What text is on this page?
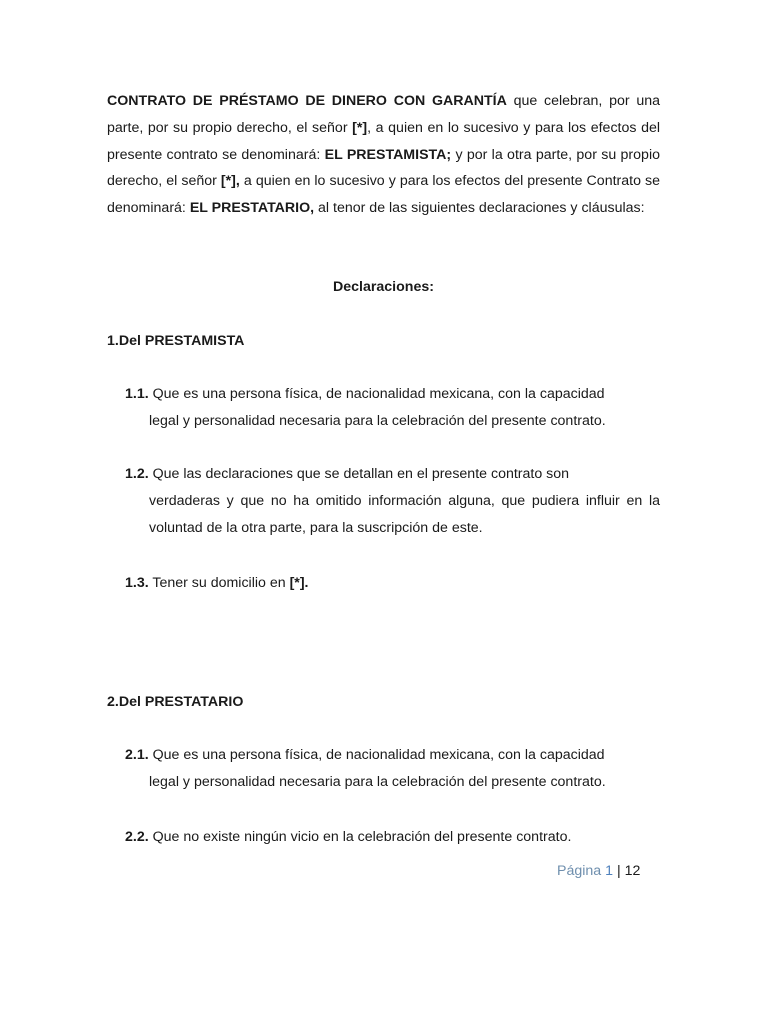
CONTRATO DE PRÉSTAMO DE DINERO CON GARANTÍA que celebran, por una parte, por su propio derecho, el señor [*], a quien en lo sucesivo y para los efectos del presente contrato se denominará: EL PRESTAMISTA; y por la otra parte, por su propio derecho, el señor [*], a quien en lo sucesivo y para los efectos del presente Contrato se denominará: EL PRESTATARIO, al tenor de las siguientes declaraciones y cláusulas:

Declaraciones:

1.Del PRESTAMISTA

1.1. Que es una persona física, de nacionalidad mexicana, con la capacidad
legal y personalidad necesaria para la celebración del presente contrato.

1.2. Que las declaraciones que se detallan en el presente contrato son
verdaderas y que no ha omitido información alguna, que pudiera influir en la voluntad de la otra parte, para la suscripción de este.

1.3. Tener su domicilio en [*].

2.Del PRESTATARIO

2.1. Que es una persona física, de nacionalidad mexicana, con la capacidad
legal y personalidad necesaria para la celebración del presente contrato.

2.2. Que no existe ningún vicio en la celebración del presente contrato.

Página 1 | 12
